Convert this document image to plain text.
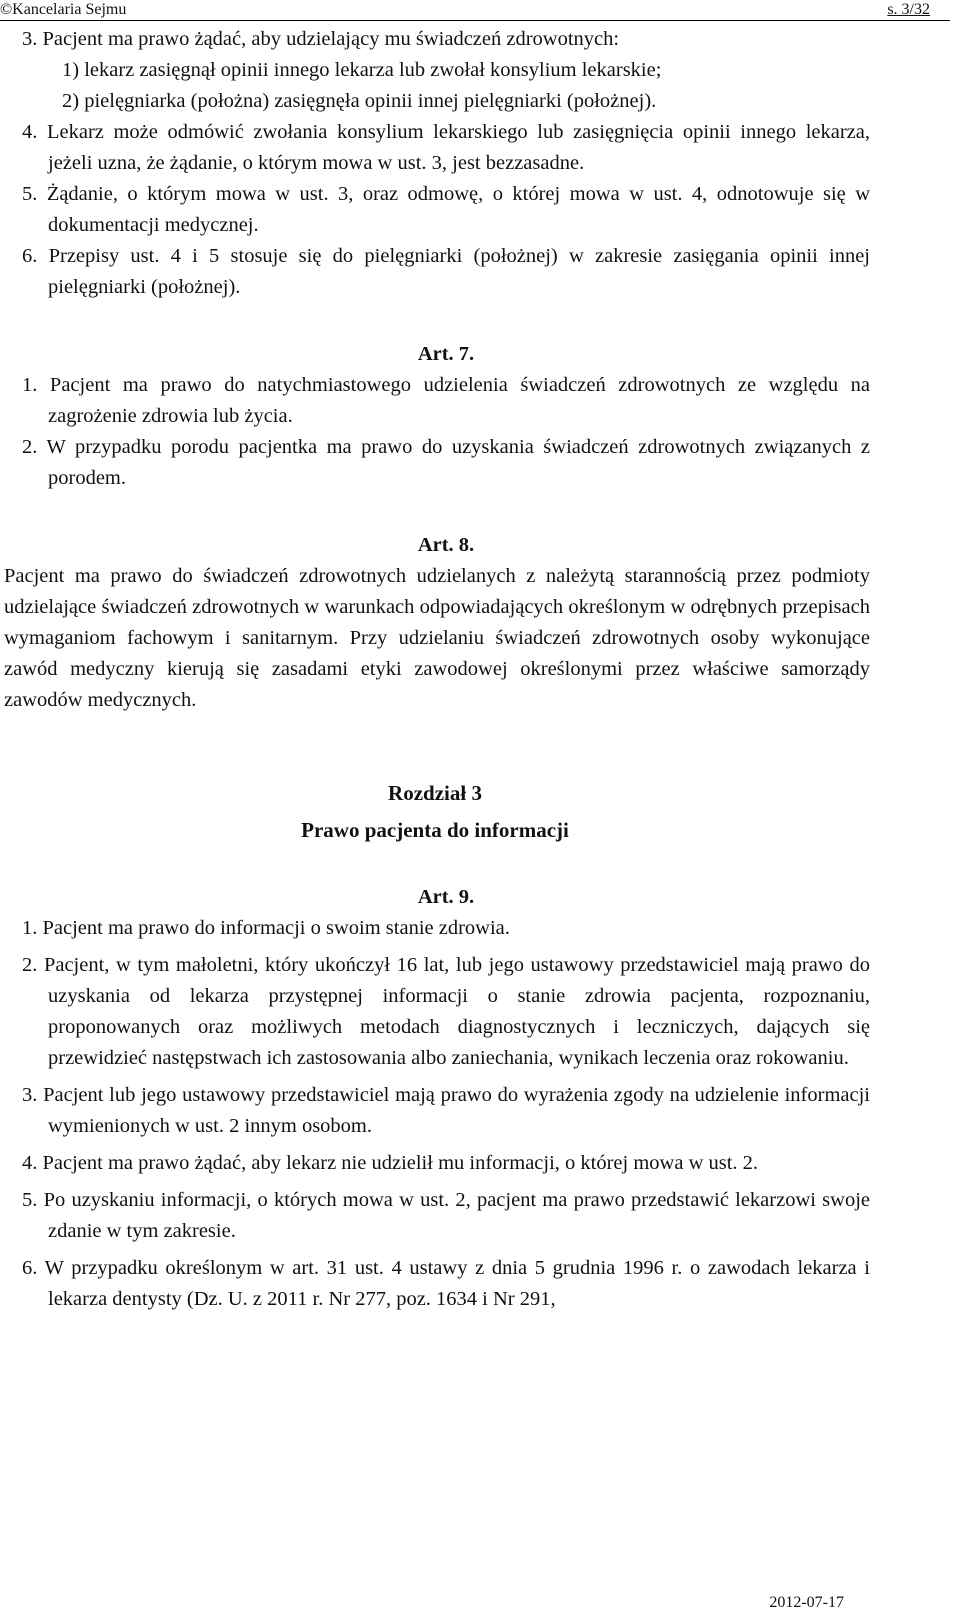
©Kancelaria Sejmu	s. 3/32

3. Pacjent ma prawo żądać, aby udzielający mu świadczeń zdrowotnych:

1) lekarz zasięgnął opinii innego lekarza lub zwołał konsylium lekarskie;

2) pielęgniarka (położna) zasięgnęła opinii innej pielęgniarki (położnej).

4. Lekarz może odmówić zwołania konsylium lekarskiego lub zasięgnięcia opinii innego lekarza, jeżeli uzna, że żądanie, o którym mowa w ust. 3, jest bezzasadne.

5. Żądanie, o którym mowa w ust. 3, oraz odmowę, o której mowa w ust. 4, odnotowuje się w dokumentacji medycznej.

6. Przepisy ust. 4 i 5 stosuje się do pielęgniarki (położnej) w zakresie zasięgania opinii innej pielęgniarki (położnej).

Art. 7.

1. Pacjent ma prawo do natychmiastowego udzielenia świadczeń zdrowotnych ze względu na zagrożenie zdrowia lub życia.

2. W przypadku porodu pacjentka ma prawo do uzyskania świadczeń zdrowotnych związanych z porodem.

Art. 8.

Pacjent ma prawo do świadczeń zdrowotnych udzielanych z należytą starannością przez podmioty udzielające świadczeń zdrowotnych w warunkach odpowiadających określonym w odrębnych przepisach wymaganiom fachowym i sanitarnym. Przy udzielaniu świadczeń zdrowotnych osoby wykonujące zawód medyczny kierują się zasadami etyki zawodowej określonymi przez właściwe samorządy zawodów medycznych.

Rozdział 3

Prawo pacjenta do informacji

Art. 9.

1. Pacjent ma prawo do informacji o swoim stanie zdrowia.

2. Pacjent, w tym małoletni, który ukończył 16 lat, lub jego ustawowy przedstawiciel mają prawo do uzyskania od lekarza przystępnej informacji o stanie zdrowia pacjenta, rozpoznaniu, proponowanych oraz możliwych metodach diagnostycznych i leczniczych, dających się przewidzieć następstwach ich zastosowania albo zaniechania, wynikach leczenia oraz rokowaniu.

3. Pacjent lub jego ustawowy przedstawiciel mają prawo do wyrażenia zgody na udzielenie informacji wymienionych w ust. 2 innym osobom.

4. Pacjent ma prawo żądać, aby lekarz nie udzielił mu informacji, o której mowa w ust. 2.

5. Po uzyskaniu informacji, o których mowa w ust. 2, pacjent ma prawo przedstawić lekarzowi swoje zdanie w tym zakresie.

6. W przypadku określonym w art. 31 ust. 4 ustawy z dnia 5 grudnia 1996 r. o zawodach lekarza i lekarza dentysty (Dz. U. z 2011 r. Nr 277, poz. 1634 i Nr 291,

2012-07-17
